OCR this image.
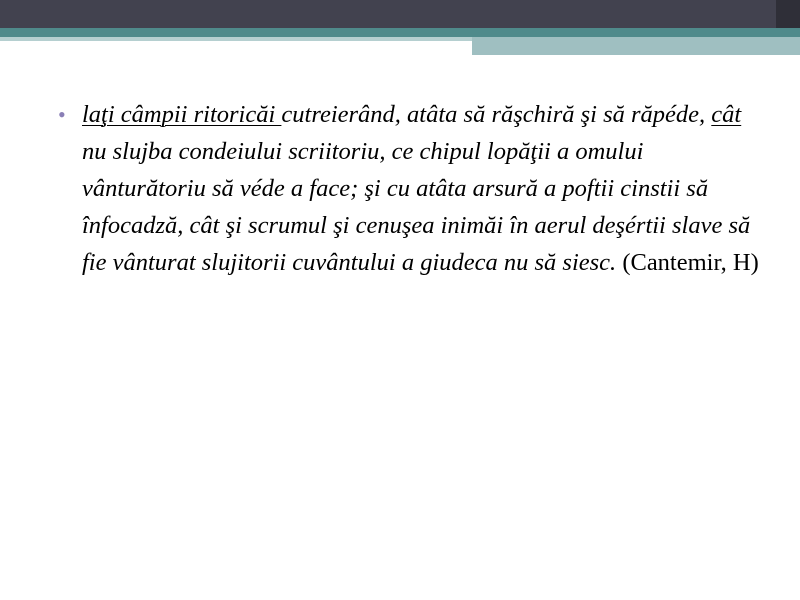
• laţi câmpii ritoricăi cutreierând, atâta să răşchiră şi să răpéde, cât nu slujba condeiului scriitoriu, ce chipul lopăţii a omului vânturătoriu să véde a face; şi cu atâta arsură a poftii cinstii să înfocadză, cât şi scrumul şi cenuşea inimăi în aerul deşértii slave să fie vânturat slujitorii cuvântului a giudeca nu să siesc. (Cantemir, H)
